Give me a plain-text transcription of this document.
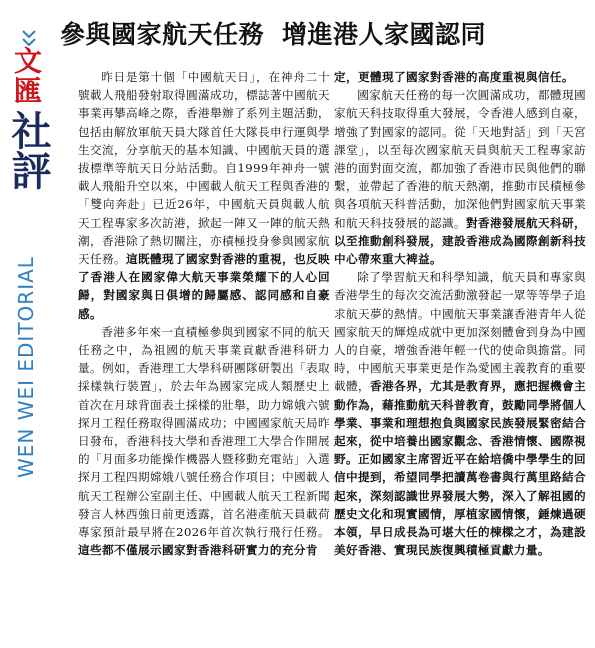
文匯
社評
WEN WEI EDITORIAL
參與國家航天任務 增進港人家國認同

昨日是第十個「中國航天日」，在神舟二十號載人飛船發射取得圓滿成功，標誌著中國航天事業再攀高峰之際，香港舉辦了系列主題活動，包括由解放軍航天員大隊首任大隊長申行運與學生交流，分享航天的基本知識、中國航天員的選拔標準等航天日分站活動。自1999年神舟一號載人飛船升空以來，中國載人航天工程與香港的「雙向奔赴」已近26年，中國航天員與載人航天工程專家多次訪港，掀起一陣又一陣的航天熱潮，香港除了熱切關注，亦積極投身參與國家航天任務。這既體現了國家對香港的重視，也反映了香港人在國家偉大航天事業榮耀下的人心回歸，對國家與日俱增的歸屬感、認同感和自豪感。

香港多年來一直積極參與到國家不同的航天任務之中，為祖國的航天事業貢獻香港科研力量。例如，香港理工大學科研團隊研製出「表取採樣執行裝置」，於去年為國家完成人類歷史上首次在月球背面表土採樣的壯舉，助力嫦娥六號探月工程任務取得圓滿成功；中國國家航天局昨日發布，香港科技大學和香港理工大學合作開展的「月面多功能操作機器人暨移動充電站」入選探月工程四期嫦娥八號任務合作項目；中國載人航天工程辦公室副主任、中國載人航天工程新聞發言人林西強日前更透露，首名港產航天員載荷專家預計最早將在2026年首次執行飛行任務。這些都不僅展示國家對香港科研實力的充分肯

定，更體現了國家對香港的高度重視與信任。

國家航天任務的每一次圓滿成功，都體現國家航天科技取得重大發展，令香港人感到自豪，增強了對國家的認同。從「天地對話」到「天宮課堂」，以至每次國家航天員與航天工程專家訪港的面對面交流，都加強了香港市民與他們的聯繫，並帶起了香港的航天熱潮，推動市民積極參與各項航天科普活動，加深他們對國家航天事業和航天科技發展的認識。對香港發展航天科研，以至推動創科發展，建設香港成為國際創新科技中心帶來重大裨益。

除了學習航天和科學知識，航天員和專家與香港學生的每次交流活動激發起一眾等等學子追求航天夢的熱情。中國航天事業讓香港青年人從國家航天的輝煌成就中更加深刻體會到身為中國人的自豪，增強香港年輕一代的使命與擔當。同時，中國航天事業更是作為愛國主義教育的重要載體，香港各界，尤其是教育界，應把握機會主動作為，藉推動航天科普教育，鼓勵同學將個人學業、事業和理想抱負與國家民族發展緊密結合起來，從中培養出國家觀念、香港情懷、國際視野。正如國家主席習近平在給培僑中學學生的回信中提到，希望同學把讀萬卷書與行萬里路結合起來，深刻認識世界發展大勢，深入了解祖國的歷史文化和現實國情，厚植家國情懷，錘煉過硬本領，早日成長為可堪大任的棟樑之才，為建設美好香港、實現民族復興積極貢獻力量。
